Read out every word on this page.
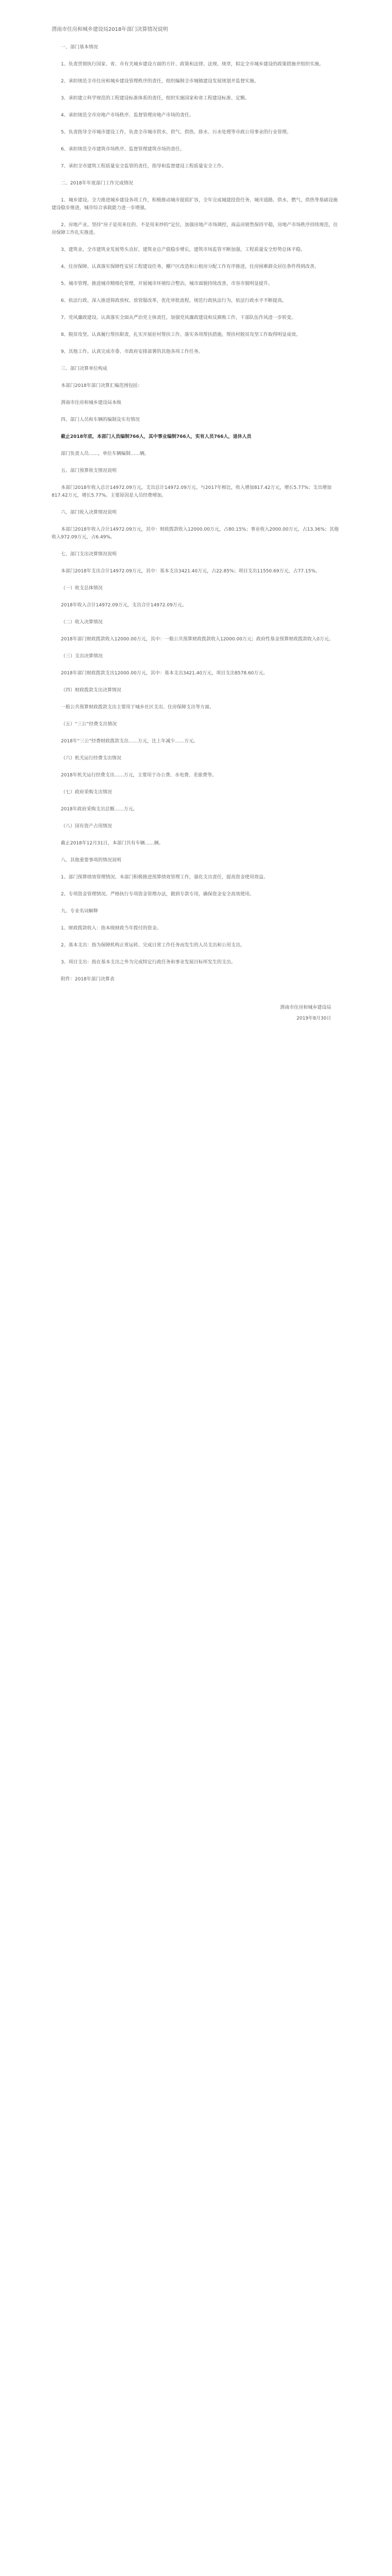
渭南市住房和城乡建设局2018年部门决算情况说明
一、部门基本情况
1、负责贯彻执行国家、省、市有关城乡建设方面的方针、政策和法律、法规、规章，拟定全市城乡建设的政策措施并组织实施。
2、承担规范全市住房和城乡建设管理秩序的责任，组织编制全市城镇建设发展规划并监督实施。
3、承担建立科学规范的工程建设标准体系的责任，组织实施国家和省工程建设标准、定额。
4、承担规范全市房地产市场秩序、监督管理房地产市场的责任。
5、负责指导全市城市建设工作，负责全市城市供水、供气、供热、排水、污水处理等市政公用事业的行业管理。
6、承担规范全市建筑市场秩序、监督管理建筑市场的责任。
7、承担全市建筑工程质量安全监管的责任，指导和监督建设工程质量安全工作。
二、2018年年度部门工作完成情况
1、城乡建设。全力推进城乡建设各项工作，积极推动城市提质扩容，全年完成城建投资任务，城市道路、供水、燃气、供热等基础设施建设稳步推进，城市综合承载能力进一步增强。
2、房地产业。坚持“房子是用来住的、不是用来炒的”定位，加强房地产市场调控，商品房销售保持平稳，房地产市场秩序持续规范，住房保障工作扎实推进。
3、建筑业。全市建筑业发展势头良好，建筑业总产值稳步增长，建筑市场监管不断加强，工程质量安全形势总体平稳。
4、住房保障。认真落实保障性安居工程建设任务，棚户区改造和公租房分配工作有序推进，住房困难群众居住条件得到改善。
5、城市管理。推进城市精细化管理，开展城市环境综合整治，城市面貌持续改善，市容市貌明显提升。
6、依法行政。深入推进简政放权、放管服改革，优化审批流程，规范行政执法行为，依法行政水平不断提高。
7、党风廉政建设。认真落实全面从严治党主体责任，加强党风廉政建设和反腐败工作，干部队伍作风进一步转变。
8、脱贫攻坚。认真履行帮扶职责，扎实开展驻村帮扶工作，落实各项帮扶措施，帮扶村脱贫攻坚工作取得明显成效。
9、其他工作。认真完成市委、市政府安排部署的其他各项工作任务。
三、部门决算单位构成
本部门2018年部门决算汇编范围包括：
渭南市住房和城乡建设局本级
四、部门人员和车辆的编制及实有情况
截止2018年底，本部门人员编制766人，其中事业编制766人，实有人员766人，退休人员
部门负责人员……，单位车辆编制……辆。
五、部门预算收支情况说明
本部门2018年收入总计14972.09万元，支出总计14972.09万元。与2017年相比，收入增加817.42万元，增长5.77%；支出增加817.42万元，增长5.77%。主要原因是人员经费增加。
六、部门收入决算情况说明
本部门2018年收入合计14972.09万元，其中：财政拨款收入12000.00万元，占80.15%；事业收入2000.00万元，占13.36%；其他收入972.09万元，占6.49%。
七、部门支出决算情况说明
本部门2018年支出合计14972.09万元，其中：基本支出3421.40万元，占22.85%；项目支出11550.69万元，占77.15%。
（一）收支总体情况
2018年收入合计14972.09万元，支出合计14972.09万元。
（二）收入决算情况
2018年部门财政拨款收入12000.00万元，其中：一般公共预算财政拨款收入12000.00万元；政府性基金预算财政拨款收入0万元。
（三）支出决算情况
2018年部门财政拨款支出12000.00万元，其中：基本支出3421.40万元，项目支出8578.60万元。
（四）财政拨款支出决算情况
一般公共预算财政拨款支出主要用于城乡社区支出、住房保障支出等方面。
（五）“三公”经费支出情况
2018年“三公”经费财政拨款支出……万元，比上年减少……万元。
（六）机关运行经费支出情况
2018年机关运行经费支出……万元，主要用于办公费、水电费、差旅费等。
（七）政府采购支出情况
2018年政府采购支出总额……万元。
（八）国有资产占用情况
截止2018年12月31日，本部门共有车辆……辆。
八、其他重要事项的情况说明
1、部门预算绩效管理情况。本部门积极推进预算绩效管理工作，强化支出责任，提高资金使用效益。
2、专项资金管理情况。严格执行专项资金管理办法，做到专款专用，确保资金安全高效使用。
九、专业名词解释
1、财政拨款收入：指本级财政当年拨付的资金。
2、基本支出：指为保障机构正常运转、完成日常工作任务而发生的人员支出和公用支出。
3、项目支出：指在基本支出之外为完成特定行政任务和事业发展目标所发生的支出。
附件：2018年部门决算表
渭南市住房和城乡建设局
2019年8月30日
